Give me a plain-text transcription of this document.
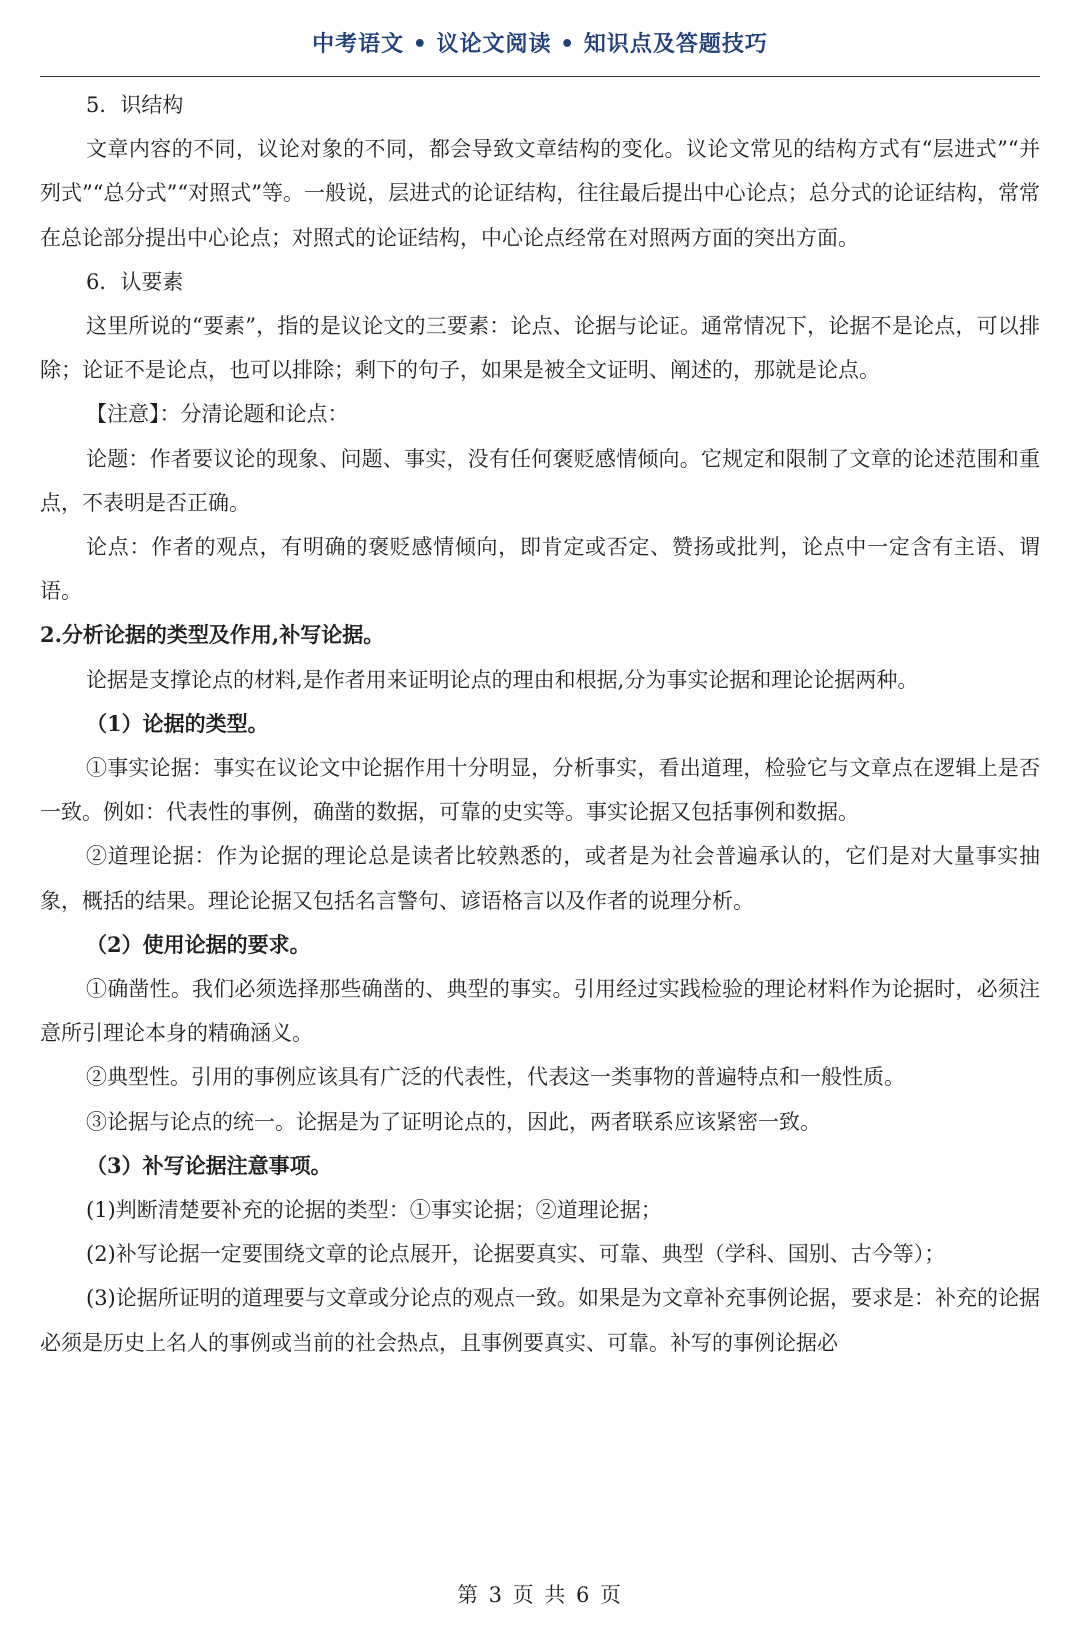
中考语文 • 议论文阅读 • 知识点及答题技巧

5．识结构

文章内容的不同，议论对象的不同，都会导致文章结构的变化。议论文常见的结构方式有“层进式”“并列式”“总分式”“对照式”等。一般说，层进式的论证结构，往往最后提出中心论点；总分式的论证结构，常常在总论部分提出中心论点；对照式的论证结构，中心论点经常在对照两方面的突出方面。

6．认要素

这里所说的“要素”，指的是议论文的三要素：论点、论据与论证。通常情况下，论据不是论点，可以排除；论证不是论点，也可以排除；剩下的句子，如果是被全文证明、阐述的，那就是论点。

【注意】：分清论题和论点：

论题：作者要议论的现象、问题、事实，没有任何褒贬感情倾向。它规定和限制了文章的论述范围和重点，不表明是否正确。

论点：作者的观点，有明确的褒贬感情倾向，即肯定或否定、赞扬或批判，论点中一定含有主语、谓语。

2.分析论据的类型及作用,补写论据。

论据是支撑论点的材料,是作者用来证明论点的理由和根据,分为事实论据和理论论据两种。

（1）论据的类型。

①事实论据：事实在议论文中论据作用十分明显，分析事实，看出道理，检验它与文章点在逻辑上是否一致。例如：代表性的事例，确凿的数据，可靠的史实等。事实论据又包括事例和数据。

②道理论据：作为论据的理论总是读者比较熟悉的，或者是为社会普遍承认的，它们是对大量事实抽象，概括的结果。理论论据又包括名言警句、谚语格言以及作者的说理分析。

（2）使用论据的要求。

①确凿性。我们必须选择那些确凿的、典型的事实。引用经过实践检验的理论材料作为论据时，必须注意所引理论本身的精确涵义。

②典型性。引用的事例应该具有广泛的代表性，代表这一类事物的普遍特点和一般性质。

③论据与论点的统一。论据是为了证明论点的，因此，两者联系应该紧密一致。

（3）补写论据注意事项。

(1)判断清楚要补充的论据的类型：①事实论据；②道理论据；

(2)补写论据一定要围绕文章的论点展开，论据要真实、可靠、典型（学科、国别、古今等）；

(3)论据所证明的道理要与文章或分论点的观点一致。如果是为文章补充事例论据，要求是：补充的论据必须是历史上名人的事例或当前的社会热点，且事例要真实、可靠。补写的事例论据必

第 3 页 共 6 页
